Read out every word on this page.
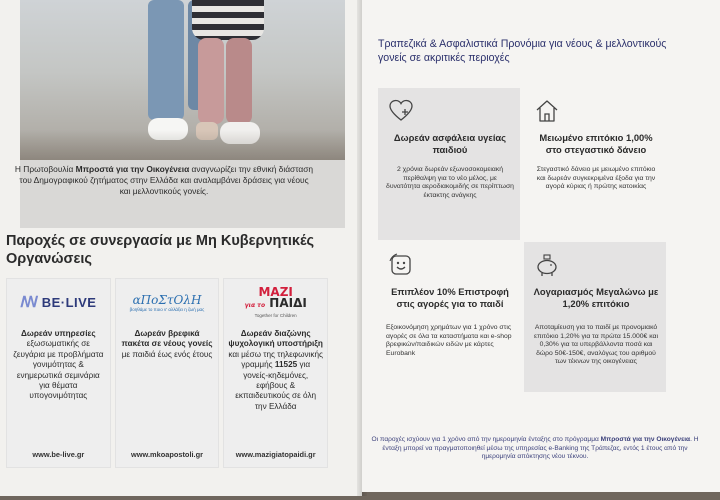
Η Πρωτοβουλία Μπροστά για την Οικογένεια αναγνωρίζει την εθνική διάσταση του Δημογραφικού ζητήματος στην Ελλάδα και αναλαμβάνει δράσεις για νέους και μελλοντικούς γονείς.
Παροχές σε συνεργασία με Μη Κυβερνητικές Οργανώσεις
ꟿ BE·LIVE
Δωρεάν υπηρεσίες εξωσωματικής σε ζευγάρια με προβλήματα γονιμότητας & ενημερωτικά σεμινάρια για θέματα υπογονιμότητας
www.be-live.gr
αΠοΣτΟλΗ
βοηθάμε το ποιο ν' αλλάξει η ζωή μας
Δωρεάν βρεφικά πακέτα σε νέους γονείς με παιδιά έως ενός έτους
www.mkoapostoli.gr
ΜΑΖΙ
για το ΠΑΙΔΙ
Together for Children
Δωρεάν διαζώνης ψυχολογική υποστήριξη και μέσω της τηλεφωνικής γραμμής 11525 για γονείς-κηδεμόνες, εφήβους & εκπαιδευτικούς σε όλη την Ελλάδα
www.mazigiatopaidi.gr
Τραπεζικά & Ασφαλιστικά Προνόμια για νέους & μελλοντικούς γονείς σε ακριτικές περιοχές
Δωρεάν ασφάλεια υγείας παιδιού
2 χρόνια δωρεάν εξωνοσοκομειακή περίθαλψη για το νέο μέλος, με δυνατότητα αεροδιακομιδής σε περίπτωση έκτακτης ανάγκης
Μειωμένο επιτόκιο 1,00% στο στεγαστικό δάνειο
Στεγαστικό δάνειο με μειωμένο επιτόκιο και δωρεάν συγκεκριμένα έξοδα για την αγορά κύριας ή πρώτης κατοικίας
Επιπλέον 10% Επιστροφή στις αγορές για το παιδί
Εξοικονόμηση χρημάτων για 1 χρόνο στις αγορές σε όλα τα καταστήματα και e-shop βρεφικών/παιδικών ειδών με κάρτες Eurobank
Λογαριασμός Μεγαλώνω με 1,20% επιτόκιο
Αποταμίευση για το παιδί με προνομιακό επιτόκιο 1,20% για τα πρώτα 15.000€ και 0,30% για τα υπερβάλλοντα ποσά και δώρο 50€-150€, αναλόγως του αριθμού των τέκνων της οικογένειας
Οι παροχές ισχύουν για 1 χρόνο από την ημερομηνία ένταξης στο πρόγραμμα Μπροστά για την Οικογένεια. Η ένταξη μπορεί να πραγματοποιηθεί μέσω της υπηρεσίας e-Banking της Τράπεζας, εντός 1 έτους από την ημερομηνία απόκτησης νέου τέκνου.
